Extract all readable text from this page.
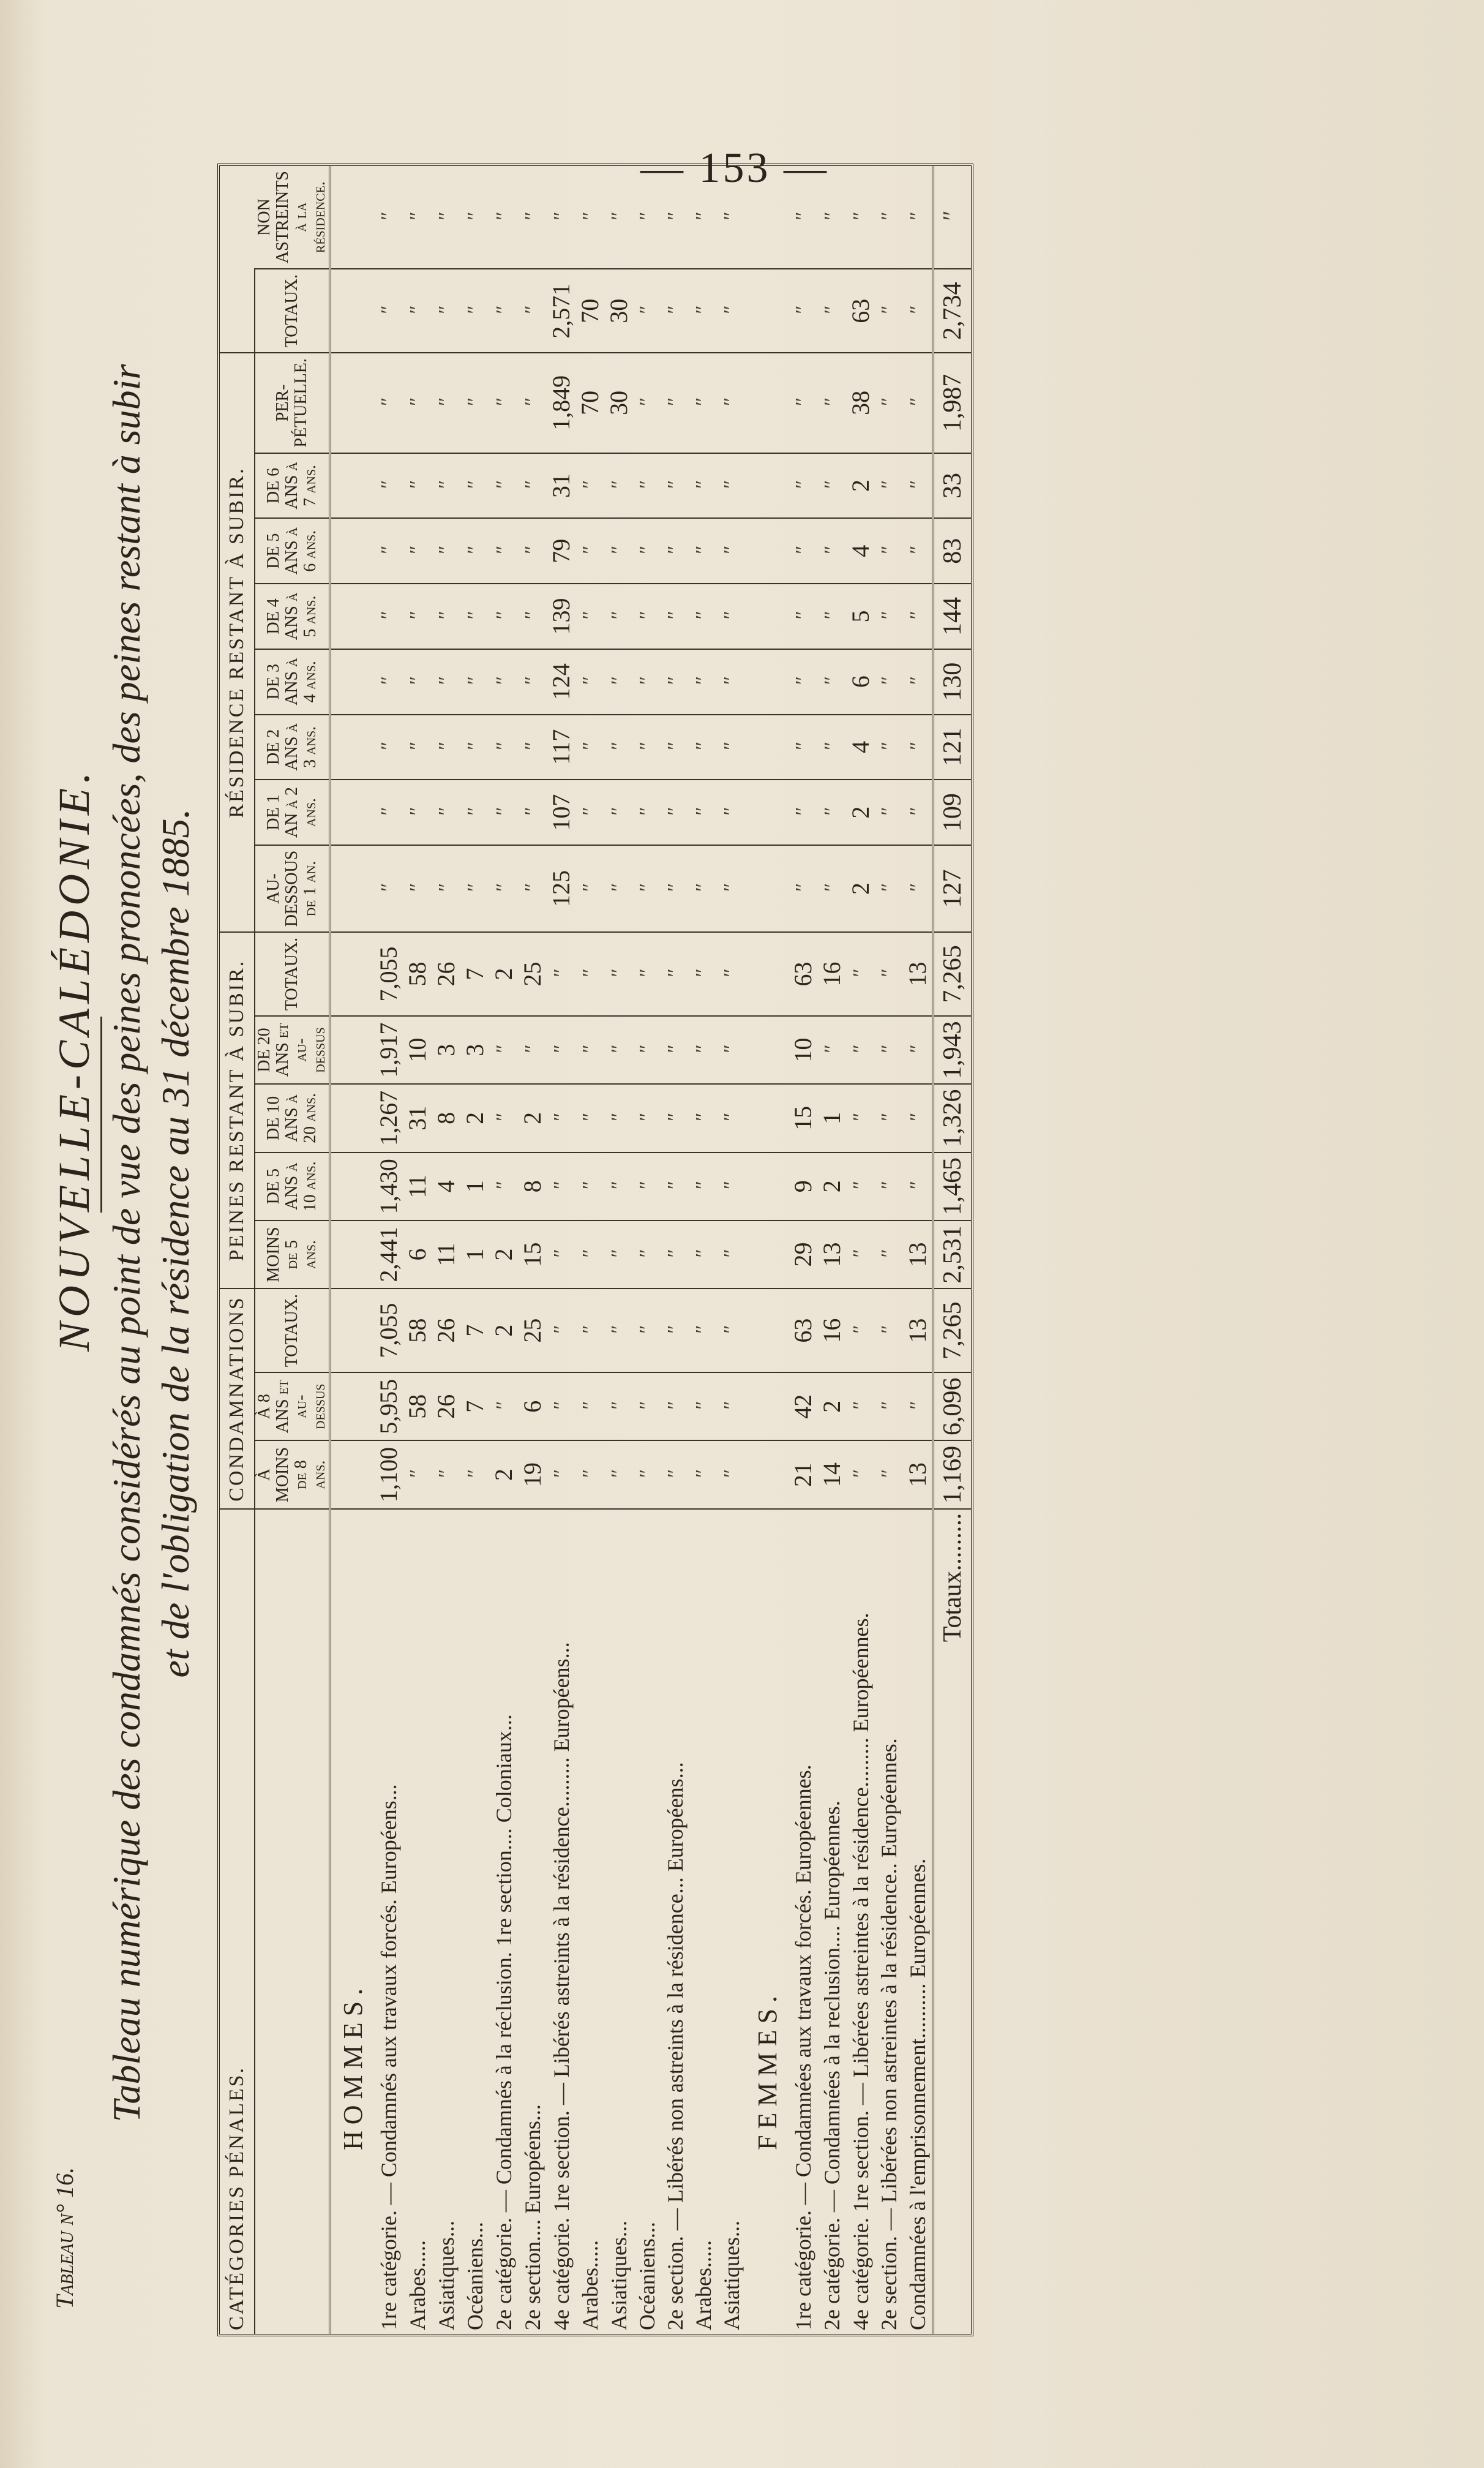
— 153 —
Tableau n° 16.
NOUVELLE-CALÉDONIE. Tableau numérique des condamnés considérés au point de vue des peines prononcées, des peines restant à subir et de l'obligation de la résidence au 31 décembre 1885.
CATÉGORIES PÉNALES.	CONDAMNATIONS			PEINES RESTANT À SUBIR.					RÉSIDENCE RESTANT À SUBIR.									
	À MOINS de 8 ans.	À 8 ANS et au-dessus	TOTAUX.	MOINS de 5 ans.	DE 5 ANS à 10 ans.	DE 10 ANS à 20 ans.	DE 20 ANS et au-dessus	TOTAUX.	AU-DESSOUS de 1 an.	DE 1 AN à 2 ans.	DE 2 ANS à 3 ans.	DE 3 ANS à 4 ans.	DE 4 ANS à 5 ans.	DE 5 ANS à 6 ans.	DE 6 ANS à 7 ans.	PER-PÉTUELLE.	TOTAUX.	NON ASTREINTS à la résidence.
HOMMES.																		
1re catégorie. — Condamnés aux travaux forcés. Européens...	1,100	5,955	7,055	2,441	1,430	1,267	1,917	7,055	″	″	″	″	″	″	″	″	″	″
Arabes.....	″	58	58	6	11	31	10	58	″	″	″	″	″	″	″	″	″	″
Asiatiques...	″	26	26	11	4	8	3	26	″	″	″	″	″	″	″	″	″	″
Océaniens...	″	7	7	1	1	2	3	7	″	″	″	″	″	″	″	″	″	″
2e catégorie. — Condamnés à la réclusion. 1re section.... Coloniaux...	2	″	2	2	″	″	″	2	″	″	″	″	″	″	″	″	″	″
2e section.... Européens...	19	6	25	15	8	2	″	25	″	″	″	″	″	″	″	″	″	″
4e catégorie. 1re section. — Libérés astreints à la résidence......... Européens...	″	″	″	″	″	″	″	″	125	107	117	124	139	79	31	1,849	2,571	″
Arabes.....	″	″	″	″	″	″	″	″	″	″	″	″	″	″	″	70	70	″
Asiatiques...	″	″	″	″	″	″	″	″	″	″	″	″	″	″	″	30	30	″
Océaniens...	″	″	″	″	″	″	″	″	″	″	″	″	″	″	″	″	″	″
2e section. — Libérés non astreints à la résidence... Européens...	″	″	″	″	″	″	″	″	″	″	″	″	″	″	″	″	″	″
Arabes.....	″	″	″	″	″	″	″	″	″	″	″	″	″	″	″	″	″	″
Asiatiques...	″	″	″	″	″	″	″	″	″	″	″	″	″	″	″	″	″	″
FEMMES.																		
1re catégorie. — Condamnées aux travaux forcés. Européennes.	21	42	63	29	9	15	10	63	″	″	″	″	″	″	″	″	″	″
2e catégorie. — Condamnées à la reclusion.... Européennes.	14	2	16	13	2	1	″	16	″	″	″	″	″	″	″	″	″	″
4e catégorie. 1re section. — Libérées astreintes à la résidence......... Européennes.	″	″	″	″	″	″	″	″	2	2	4	6	5	4	2	38	63	″
2e section. — Libérées non astreintes à la résidence.. Européennes.	″	″	″	″	″	″	″	″	″	″	″	″	″	″	″	″	″	″
Condamnées à l'emprisonnement.......... Européennes.	13	″	13	13	″	″	″	13	″	″	″	″	″	″	″	″	″	″
Totaux.........	1,169	6,096	7,265	2,531	1,465	1,326	1,943	7,265	127	109	121	130	144	83	33	1,987	2,734	″
